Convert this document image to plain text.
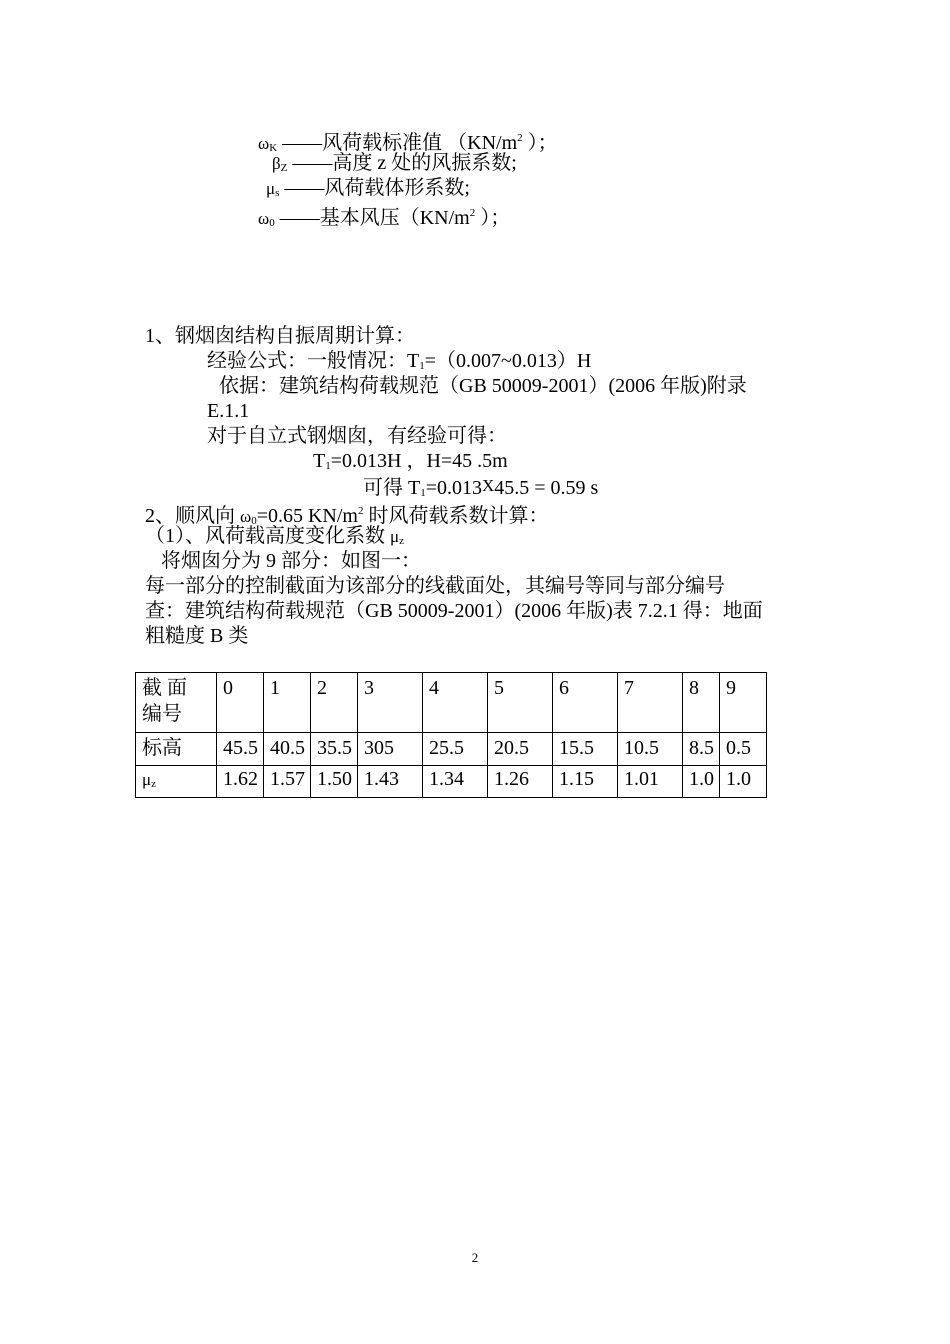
ωK ——风荷载标准值 （$KN/m^2$ ）；
βZ ——高度 z 处的风振系数;
μs ——风荷载体形系数;
ω0 ——基本风压（$KN/m^2$ ）；
1、钢烟囱结构自振周期计算：
经验公式：一般情况：T1=（0.007~0.013）H
依据：建筑结构荷载规范（GB 50009-2001）(2006 年版)附录
E.1.1
对于自立式钢烟囱，有经验可得：
T1=0.013H ，H=45 .5m
可得 T1=0.013X45.5 = 0.59 s
2、顺风向 ω0=0.65 $KN/m^2$ 时风荷载系数计算：
（1）、风荷载高度变化系数 μz
将烟囱分为 9 部分：如图一：
每一部分的控制截面为该部分的线截面处，其编号等同与部分编号
查：建筑结构荷载规范（GB 50009-2001）(2006 年版)表 7.2.1 得：地面
粗糙度 B 类
截 面
编号	0	1	2	3	4	5	6	7	8	9
标高	45.5	40.5	35.5	305	25.5	20.5	15.5	10.5	8.5	0.5
μz	1.62	1.57	1.50	1.43	1.34	1.26	1.15	1.01	1.0	1.0
2
